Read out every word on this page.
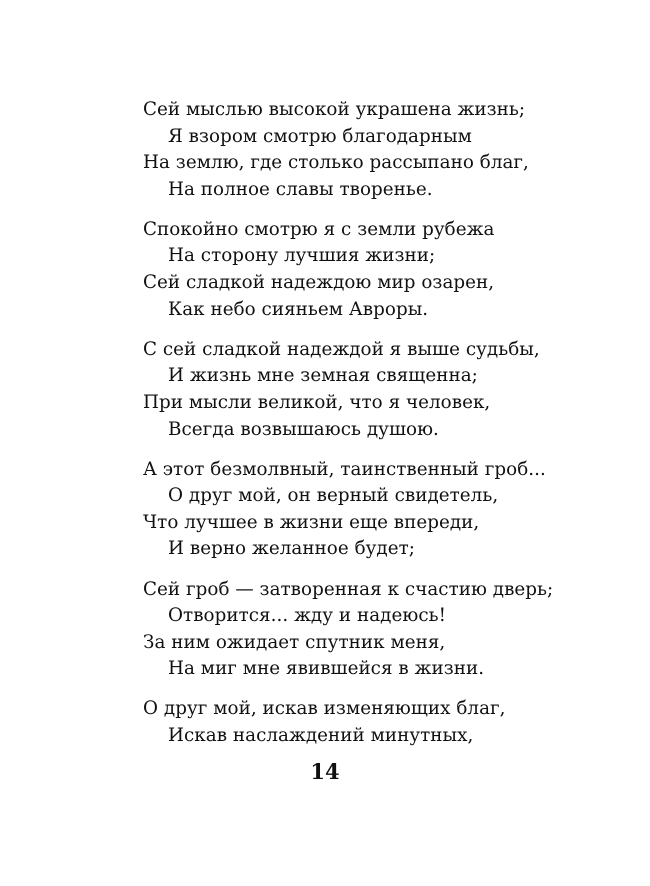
Сей мыслью высокой украшена жизнь;
Я взором смотрю благодарным
На землю, где столько рассыпано благ,
На полное славы творенье.
Спокойно смотрю я с земли рубежа
На сторону лучшия жизни;
Сей сладкой надеждою мир озарен,
Как небо сияньем Авроры.
С сей сладкой надеждой я выше судьбы,
И жизнь мне земная священна;
При мысли великой, что я человек,
Всегда возвышаюсь душою.
А этот безмолвный, таинственный гроб...
О друг мой, он верный свидетель,
Что лучшее в жизни еще впереди,
И верно желанное будет;
Сей гроб — затворенная к счастию дверь;
Отворится... жду и надеюсь!
За ним ожидает спутник меня,
На миг мне явившейся в жизни.
О друг мой, искав изменяющих благ,
Искав наслаждений минутных,
14
